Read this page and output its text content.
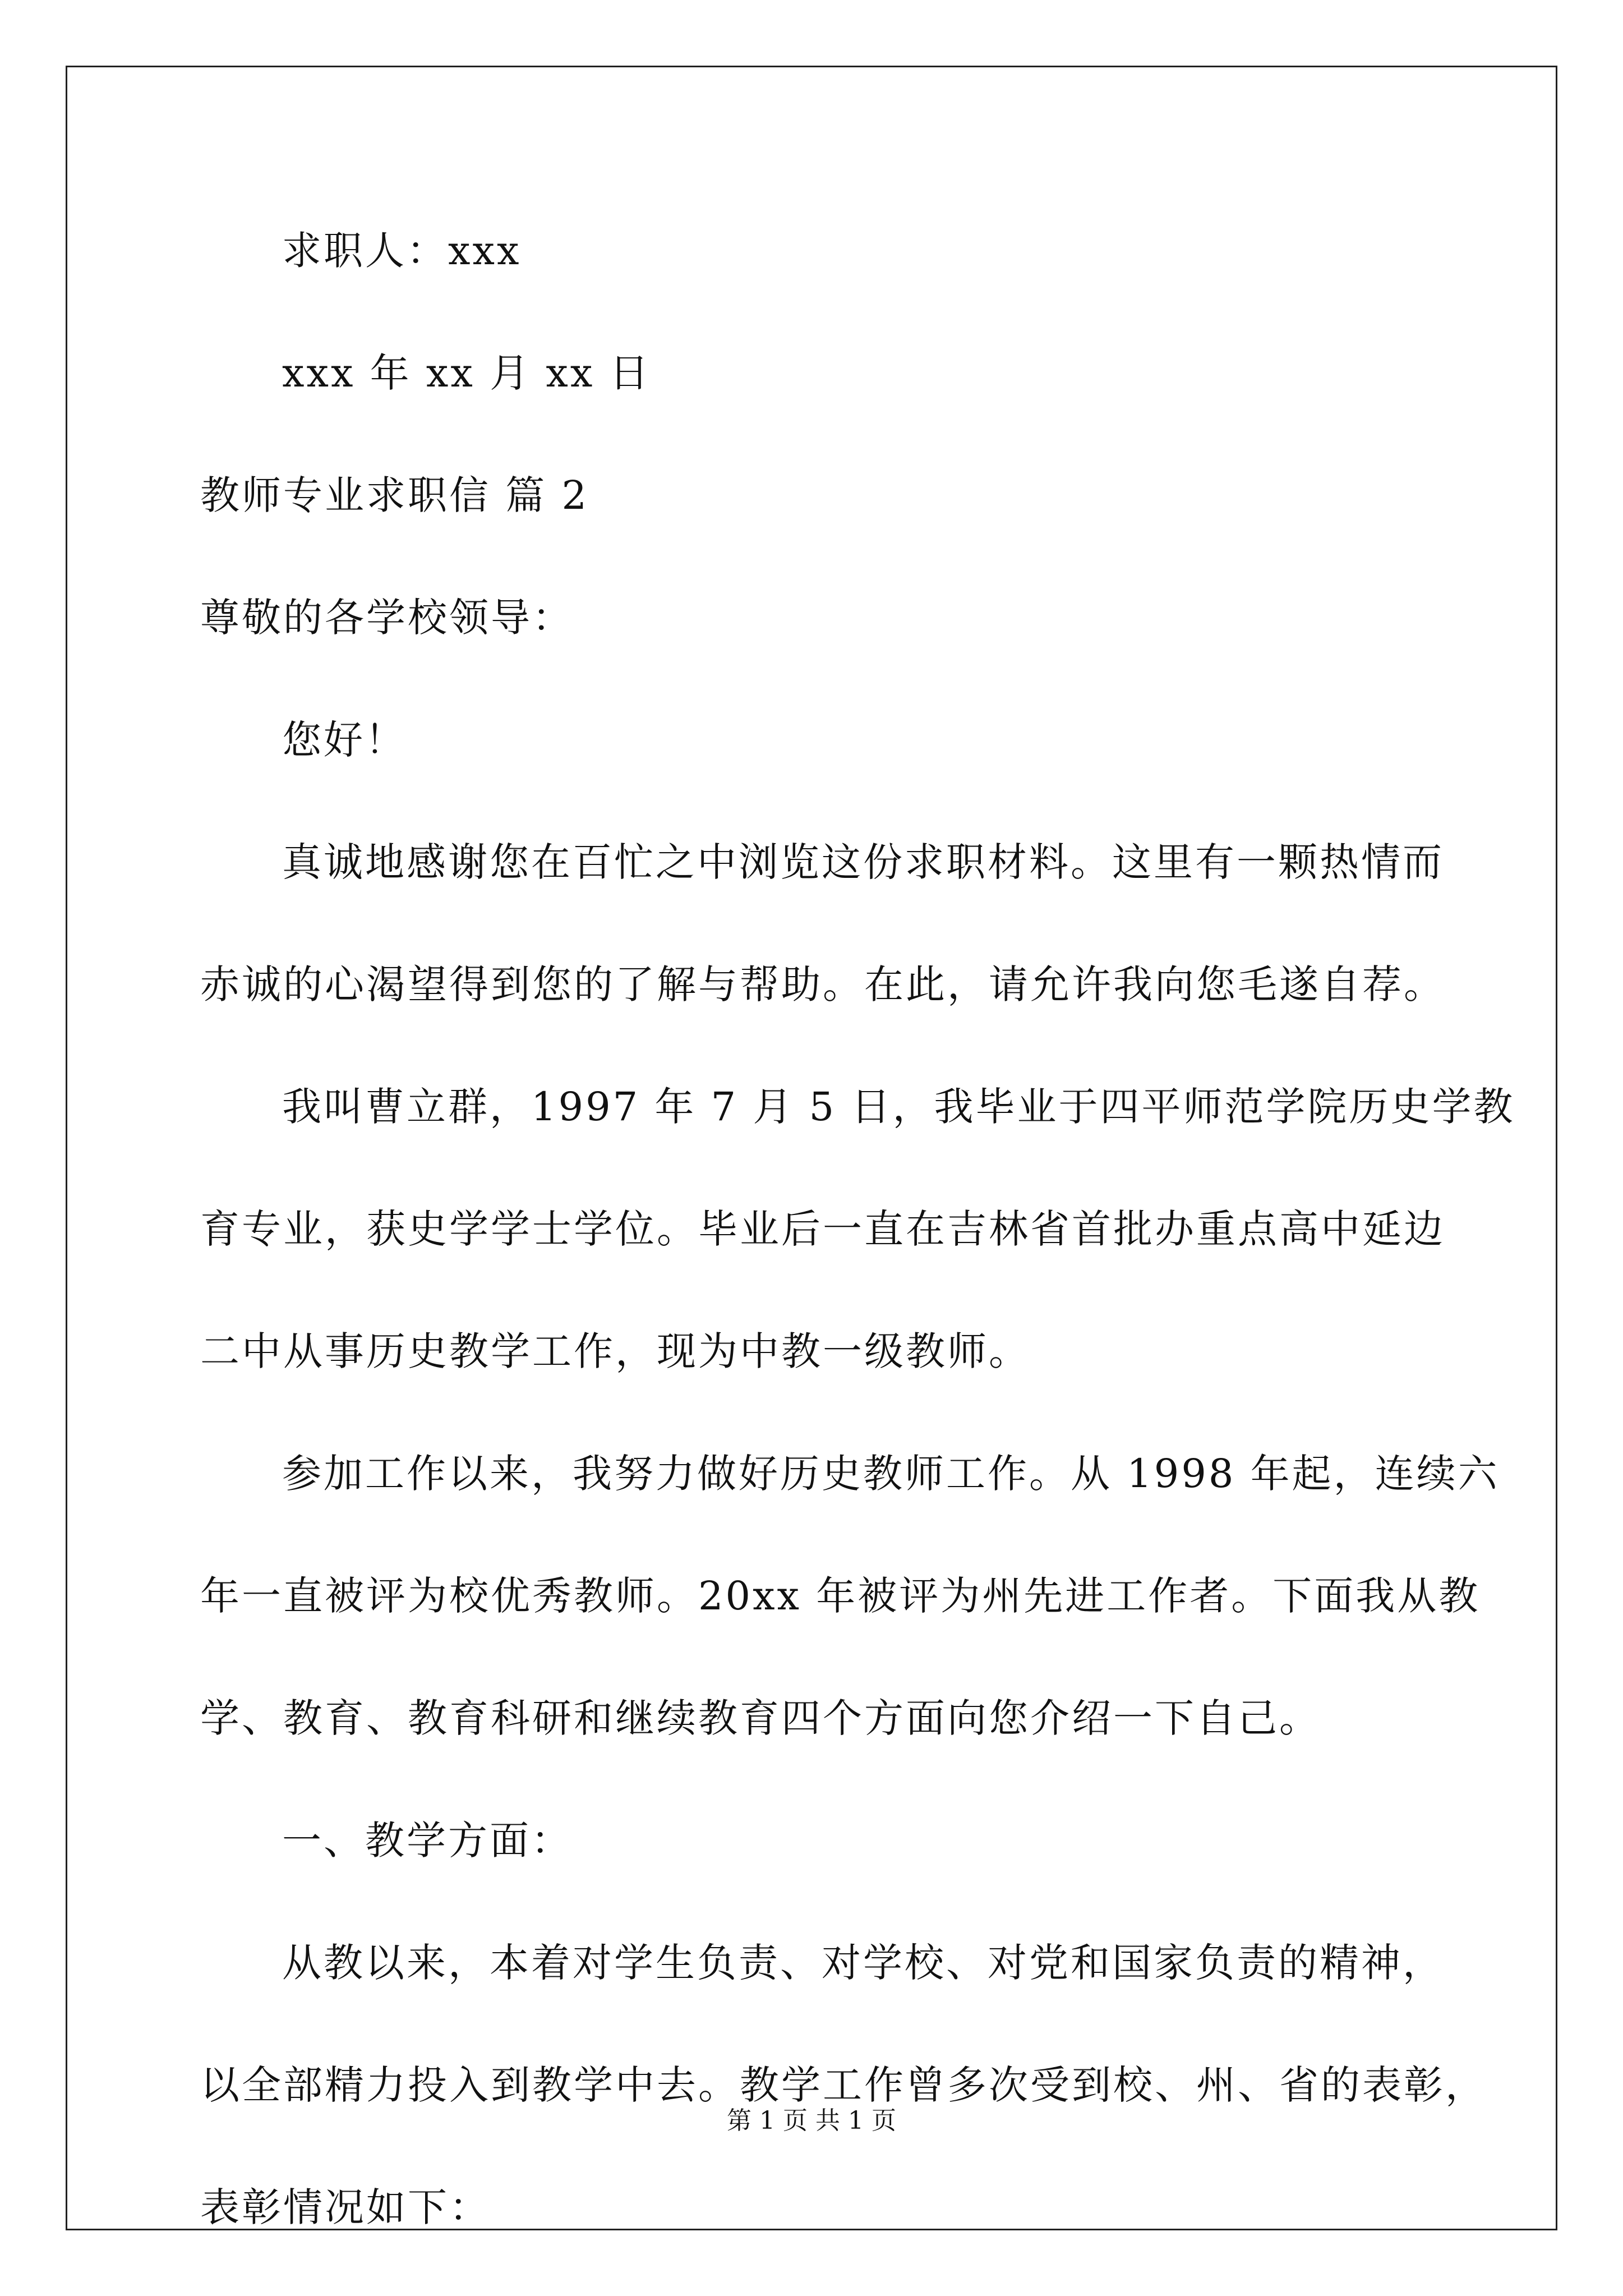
求职人：xxx

xxx 年 xx 月 xx 日

教师专业求职信 篇 2

尊敬的各学校领导：

您好！

真诚地感谢您在百忙之中浏览这份求职材料。这里有一颗热情而

赤诚的心渴望得到您的了解与帮助。在此，请允许我向您毛遂自荐。

我叫曹立群，1997 年 7 月 5 日，我毕业于四平师范学院历史学教

育专业，获史学学士学位。毕业后一直在吉林省首批办重点高中延边

二中从事历史教学工作，现为中教一级教师。

参加工作以来，我努力做好历史教师工作。从 1998 年起，连续六

年一直被评为校优秀教师。20xx 年被评为州先进工作者。下面我从教

学、教育、教育科研和继续教育四个方面向您介绍一下自己。

一、教学方面：

从教以来，本着对学生负责、对学校、对党和国家负责的精神，

以全部精力投入到教学中去。教学工作曾多次受到校、州、省的表彰，

表彰情况如下：

第 1 页 共 1 页
